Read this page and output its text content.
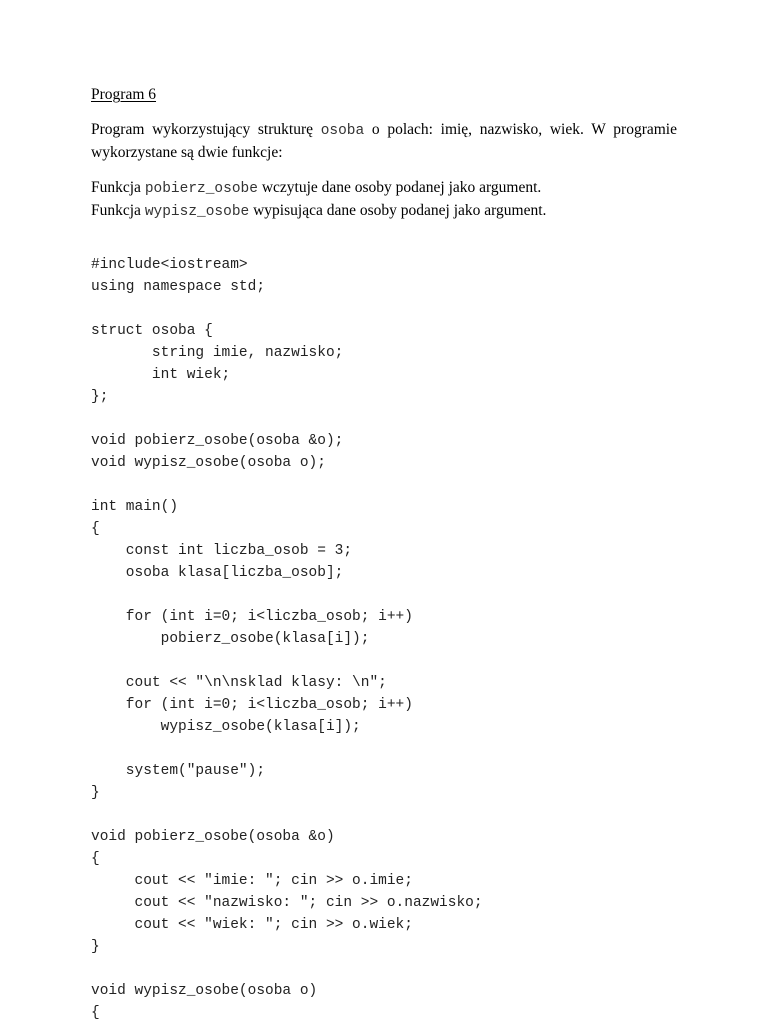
Program 6

Program wykorzystujący strukturę osoba o polach: imię, nazwisko, wiek. W programie wykorzystane są dwie funkcje:

Funkcja pobierz_osobe wczytuje dane osoby podanej jako argument.
Funkcja wypisz_osobe wypisująca dane osoby podanej jako argument.
#include<iostream>
using namespace std;
struct osoba {
string imie, nazwisko;
int wiek;
};
void pobierz_osobe(osoba &o);
void wypisz_osobe(osoba o);
int main()
{
const int liczba_osob = 3;
osoba klasa[liczba_osob];
for (int i=0; i<liczba_osob; i++)
pobierz_osobe(klasa[i]);
cout << "\n\nsklad klasy: \n";
for (int i=0; i<liczba_osob; i++)
wypisz_osobe(klasa[i]);
system("pause");
}
void pobierz_osobe(osoba &o)
{
cout << "imie: "; cin >> o.imie;
cout << "nazwisko: "; cin >> o.nazwisko;
cout << "wiek: "; cin >> o.wiek;
}
void wypisz_osobe(osoba o)
{
